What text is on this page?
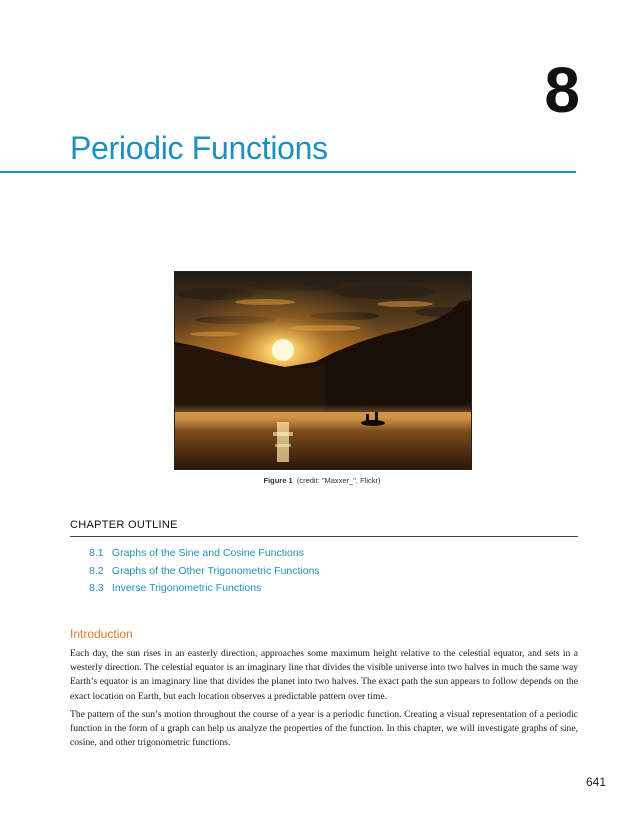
8
Periodic Functions
Figure 1 (credit: "Maxxer_", Flickr)
CHAPTER OUTLINE
8.1 Graphs of the Sine and Cosine Functions
8.2 Graphs of the Other Trigonometric Functions
8.3 Inverse Trigonometric Functions
Introduction

Each day, the sun rises in an easterly direction, approaches some maximum height relative to the celestial equator, and sets in a westerly direction. The celestial equator is an imaginary line that divides the visible universe into two halves in much the same way Earth’s equator is an imaginary line that divides the planet into two halves. The exact path the sun appears to follow depends on the exact location on Earth, but each location observes a predictable pattern over time.

The pattern of the sun’s motion throughout the course of a year is a periodic function. Creating a visual representation of a periodic function in the form of a graph can help us analyze the properties of the function. In this chapter, we will investigate graphs of sine, cosine, and other trigonometric functions.

641
